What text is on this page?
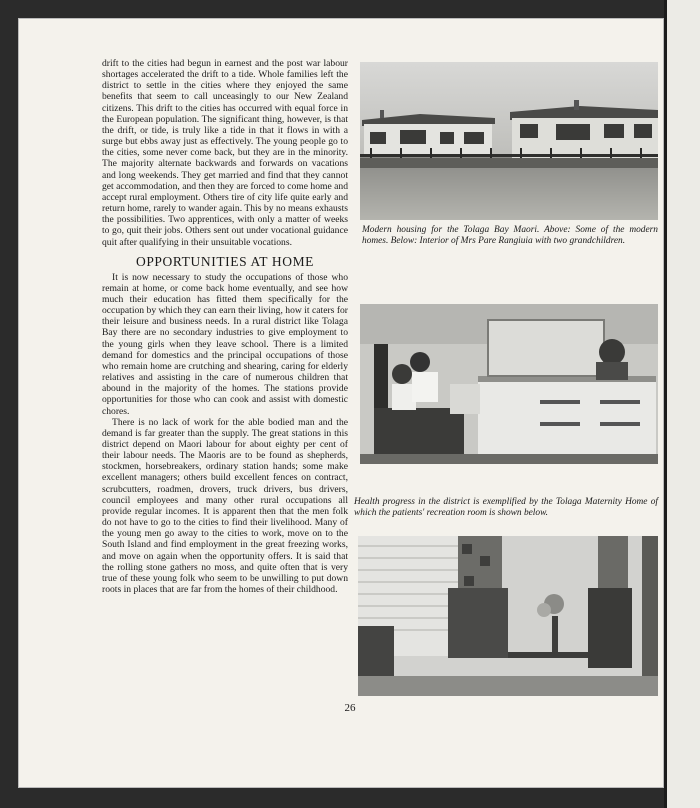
drift to the cities had begun in earnest and the post war labour shortages accelerated the drift to a tide. Whole families left the district to settle in the cities where they enjoyed the same benefits that seem to call unceasingly to our New Zealand citizens. This drift to the cities has occurred with equal force in the European population. The significant thing, however, is that the drift, or tide, is truly like a tide in that it flows in with a surge but ebbs away just as effectively. The young people go to the cities, some never come back, but they are in the minority. The majority alternate backwards and forwards on vacations and long weekends. They get married and find that they cannot get accommodation, and then they are forced to come home and accept rural employment. Others tire of city life quite early and return home, rarely to wander again. This by no means exhausts the possibilities. Two apprentices, with only a matter of weeks to go, quit their jobs. Others sent out under vocational guidance quit after qualifying in their unsuitable vocations.

OPPORTUNITIES AT HOME

It is now necessary to study the occupations of those who remain at home, or come back home eventually, and see how much their education has fitted them specifically for the occupation by which they can earn their living, how it caters for their leisure and business needs. In a rural district like Tolaga Bay there are no secondary industries to give employment to the young girls when they leave school. There is a limited demand for domestics and the principal occupations of those who remain home are crutching and shearing, caring for elderly relatives and assisting in the care of numerous children that abound in the majority of the homes. The stations provide opportunities for those who can cook and assist with domestic chores.

There is no lack of work for the able bodied man and the demand is far greater than the supply. The great stations in this district depend on Maori labour for about eighty per cent of their labour needs. The Maoris are to be found as shepherds, stockmen, horsebreakers, ordinary station hands; some make excellent managers; others build excellent fences on contract, scrubcutters, roadmen, drovers, truck drivers, bus drivers, council employees and many other rural occupations all provide regular incomes. It is apparent then that the men folk do not have to go to the cities to find their livelihood. Many of the young men go away to the cities to work, move on to the South Island and find employment in the great freezing works, and move on again when the opportunity offers. It is said that the rolling stone gathers no moss, and quite often that is very true of these young folk who seem to be unwilling to put down roots in places that are far from the homes of their childhood.

Modern housing for the Tolaga Bay Maori. Above: Some of the modern homes. Below: Interior of Mrs Pare Rangiuia with two grandchildren.
Health progress in the district is exemplified by the Tolaga Maternity Home of which the patients' recreation room is shown below.
26
